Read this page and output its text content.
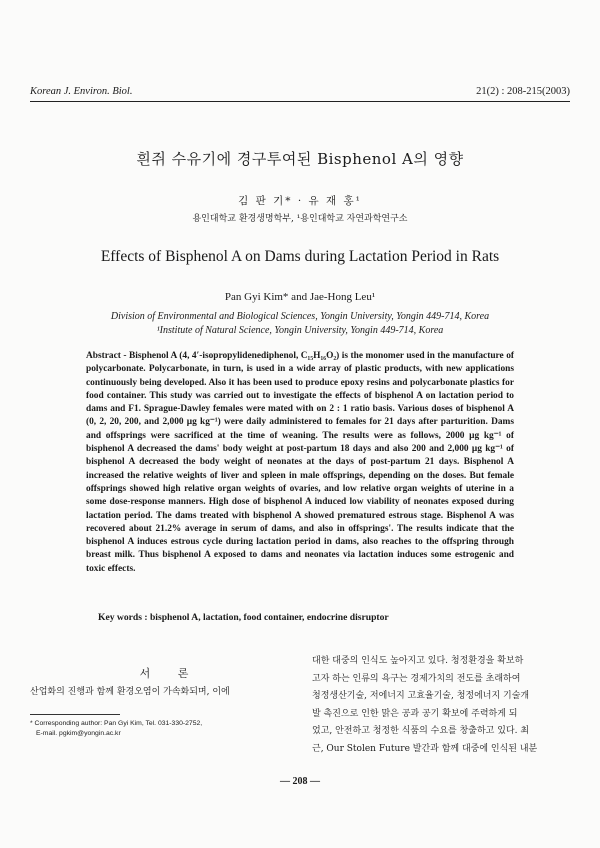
Korean J. Environ. Biol.	21(2) : 208-215(2003)
흰쥐 수유기에 경구투여된 Bisphenol A의 영향
김 판 기* · 유 재 홍¹
용인대학교 환경생명학부, ¹용인대학교 자연과학연구소
Effects of Bisphenol A on Dams during Lactation Period in Rats
Pan Gyi Kim* and Jae-Hong Leu¹
Division of Environmental and Biological Sciences, Yongin University, Yongin 449-714, Korea
¹Institute of Natural Science, Yongin University, Yongin 449-714, Korea

Abstract - Bisphenol A (4, 4′-isopropylidenediphenol, C₁₅H₁₆O₂) is the monomer used in the manufacture of polycarbonate. Polycarbonate, in turn, is used in a wide array of plastic products, with new applications continuously being developed. Also it has been used to produce epoxy resins and polycarbonate plastics for food container. This study was carried out to investigate the effects of bisphenol A on lactation period to dams and F1. Sprague-Dawley females were mated with on 2 : 1 ratio basis. Various doses of bisphenol A (0, 2, 20, 200, and 2,000 μg kg⁻¹) were daily administered to females for 21 days after parturition. Dams and offsprings were sacrificed at the time of weaning. The results were as follows, 2000 μg kg⁻¹ of bisphenol A decreased the dams' body weight at post-partum 18 days and also 200 and 2,000 μg kg⁻¹ of bisphenol A decreased the body weight of neonates at the days of post-partum 21 days. Bisphenol A increased the relative weights of liver and spleen in male offsprings, depending on the doses. But female offsprings showed high relative organ weights of ovaries, and low relative organ weights of uterine in a some dose-response manners. High dose of bisphenol A induced low viability of neonates exposed during lactation period. The dams treated with bisphenol A showed prematured estrous stage. Bisphenol A was recovered about 21.2% average in serum of dams, and also in offsprings'. The results indicate that the bisphenol A induces estrous cycle during lactation period in dams, also reaches to the offspring through breast milk. Thus bisphenol A exposed to dams and neonates via lactation induces some estrogenic and toxic effects.

Key words : bisphenol A, lactation, food container, endocrine disruptor
서 론

산업화의 진행과 함께 환경오염이 가속화되며, 이에

* Corresponding author: Pan Gyi Kim, Tel. 031-330-2752,
E-mail. pgkim@yongin.ac.kr

대한 대중의 인식도 높아지고 있다. 청정환경을 확보하

고자 하는 인류의 욕구는 경제가치의 전도를 초래하여

청정생산기술, 저에너지 고효율기술, 청정에너지 기술개

발 촉진으로 인한 맑은 공과 공기 확보에 주력하게 되

었고, 안전하고 청정한 식품의 수요를 창출하고 있다. 최

근, Our Stolen Future 발간과 함께 대중에 인식된 내분

— 208 —
